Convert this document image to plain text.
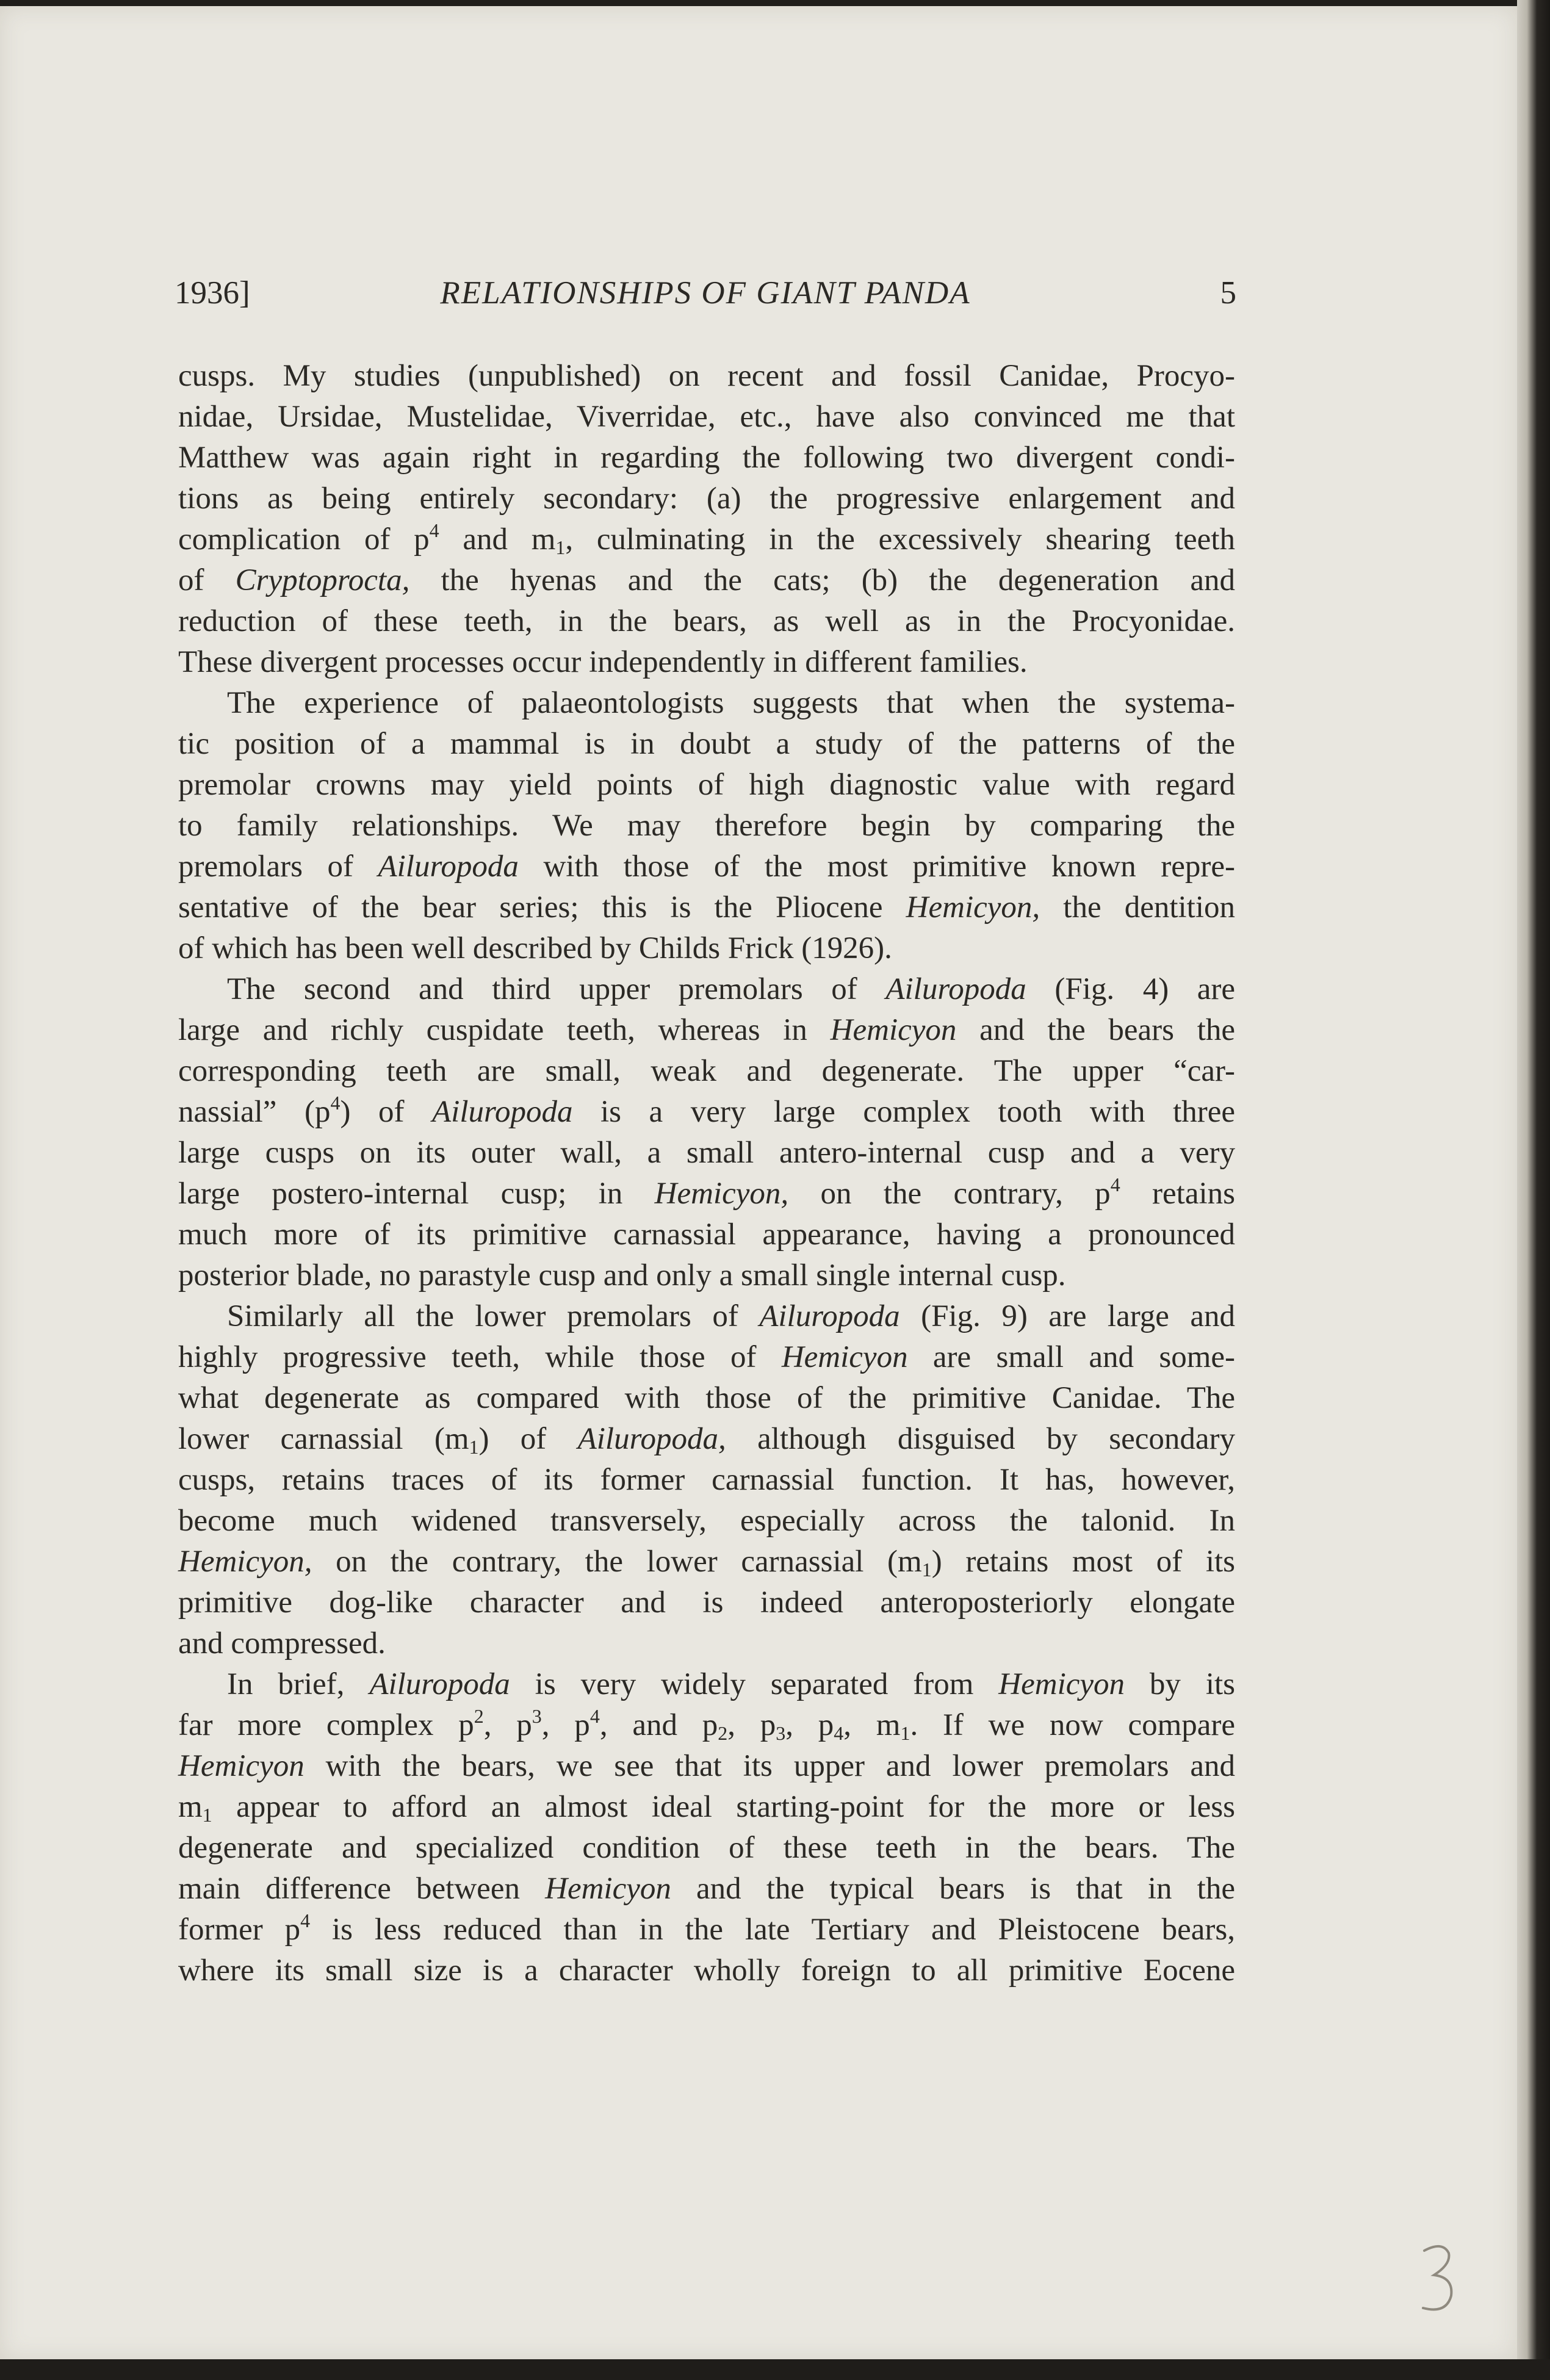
1936]	RELATIONSHIPS OF GIANT PANDA	5
cusps. My studies (unpublished) on recent and fossil Canidae, Procyo-
nidae, Ursidae, Mustelidae, Viverridae, etc., have also convinced me that
Matthew was again right in regarding the following two divergent condi-
tions as being entirely secondary: (a) the progressive enlargement and
complication of $p^4$ and $m_1$, culminating in the excessively shearing teeth
of Cryptoprocta, the hyenas and the cats; (b) the degeneration and
reduction of these teeth, in the bears, as well as in the Procyonidae.
These divergent processes occur independently in different families.
The experience of palaeontologists suggests that when the systema-
tic position of a mammal is in doubt a study of the patterns of the
premolar crowns may yield points of high diagnostic value with regard
to family relationships. We may therefore begin by comparing the
premolars of Ailuropoda with those of the most primitive known repre-
sentative of the bear series; this is the Pliocene Hemicyon, the dentition
of which has been well described by Childs Frick (1926).
The second and third upper premolars of Ailuropoda (Fig. 4) are
large and richly cuspidate teeth, whereas in Hemicyon and the bears the
corresponding teeth are small, weak and degenerate. The upper “car-
nassial” $(p^4)$ of Ailuropoda is a very large complex tooth with three
large cusps on its outer wall, a small antero-internal cusp and a very
large postero-internal cusp; in Hemicyon, on the contrary, $p^4$ retains
much more of its primitive carnassial appearance, having a pronounced
posterior blade, no parastyle cusp and only a small single internal cusp.
Similarly all the lower premolars of Ailuropoda (Fig. 9) are large and
highly progressive teeth, while those of Hemicyon are small and some-
what degenerate as compared with those of the primitive Canidae. The
lower carnassial $(m_1)$ of Ailuropoda, although disguised by secondary
cusps, retains traces of its former carnassial function. It has, however,
become much widened transversely, especially across the talonid. In
Hemicyon, on the contrary, the lower carnassial $(m_1)$ retains most of its
primitive dog-like character and is indeed anteroposteriorly elongate
and compressed.
In brief, Ailuropoda is very widely separated from Hemicyon by its
far more complex $p^2$, $p^3$, $p^4$, and $p_2$, $p_3$, $p_4$, $m_1$. If we now compare
Hemicyon with the bears, we see that its upper and lower premolars and
$m_1$ appear to afford an almost ideal starting-point for the more or less
degenerate and specialized condition of these teeth in the bears. The
main difference between Hemicyon and the typical bears is that in the
former $p^4$ is less reduced than in the late Tertiary and Pleistocene bears,
where its small size is a character wholly foreign to all primitive Eocene
